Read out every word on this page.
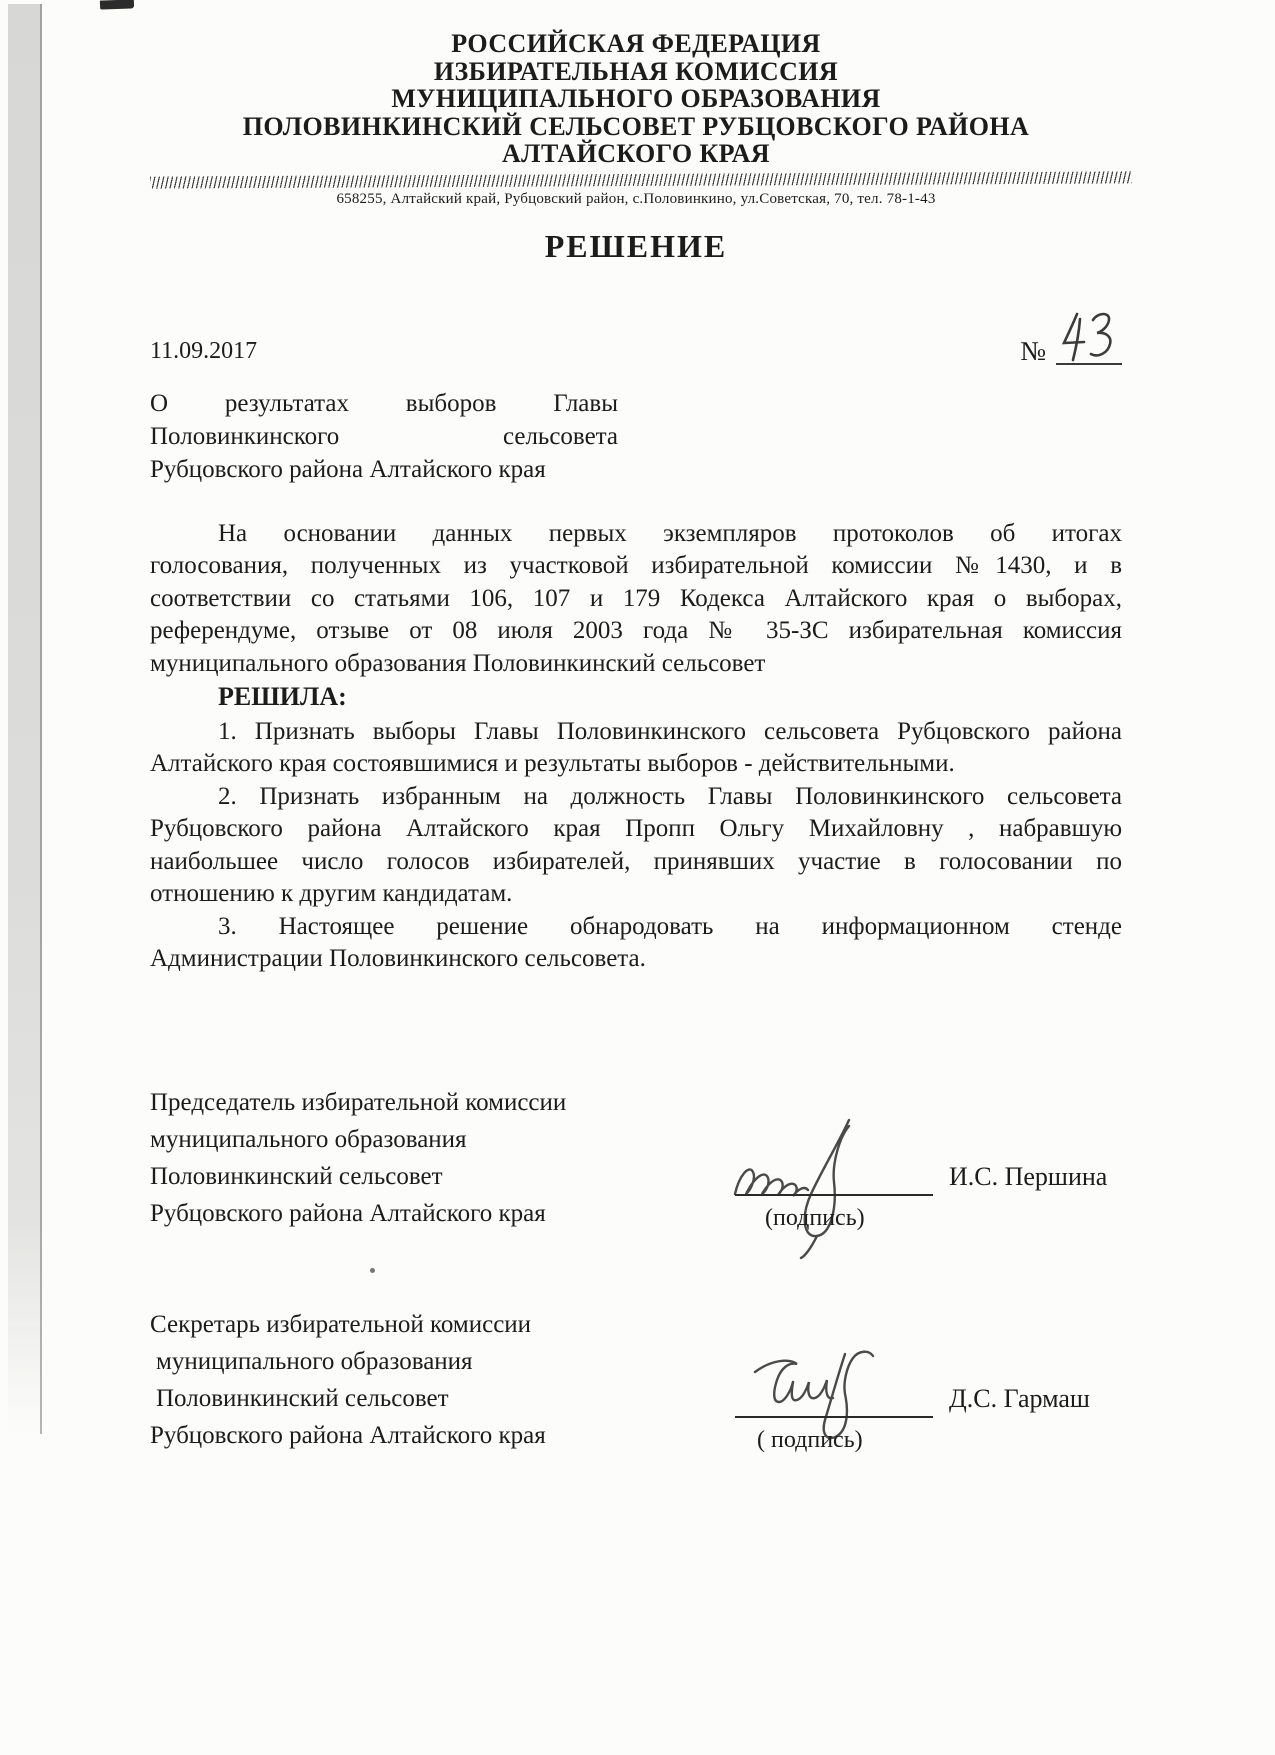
РОССИЙСКАЯ ФЕДЕРАЦИЯ
ИЗБИРАТЕЛЬНАЯ КОМИССИЯ
МУНИЦИПАЛЬНОГО ОБРАЗОВАНИЯ
ПОЛОВИНКИНСКИЙ СЕЛЬСОВЕТ РУБЦОВСКОГО РАЙОНА
АЛТАЙСКОГО КРАЯ
658255, Алтайский край, Рубцовский район, с.Половинкино, ул.Советская, 70, тел. 78-1-43
РЕШЕНИЕ
11.09.2017	№
О результатах выборов Главы
Половинкинского сельсовета
Рубцовского района Алтайского края
На основании данных первых экземпляров протоколов об итогах
голосования, полученных из участковой избирательной комиссии №1430, и в
соответствии со статьями 106, 107 и 179 Кодекса Алтайского края о выборах,
референдуме, отзыве от 08 июля 2003 года № 35-ЗС избирательная комиссия
муниципального образования Половинкинский сельсовет
РЕШИЛА:
1. Признать выборы Главы Половинкинского сельсовета Рубцовского района
Алтайского края состоявшимися и результаты выборов - действительными.
2. Признать избранным на должность Главы Половинкинского сельсовета
Рубцовского района Алтайского края Пропп Ольгу Михайловну , набравшую
наибольшее число голосов избирателей, принявших участие в голосовании по
отношению к другим кандидатам.
3. Настоящее решение обнародовать на информационном стенде
Администрации Половинкинского сельсовета.
Председатель избирательной комиссии
муниципального образования
Половинкинский сельсовет
Рубцовского района Алтайского края
И.С. Першина
(подпись)
Секретарь избирательной комиссии
муниципального образования
Половинкинский сельсовет
Рубцовского района Алтайского края
Д.С. Гармаш
( подпись)
